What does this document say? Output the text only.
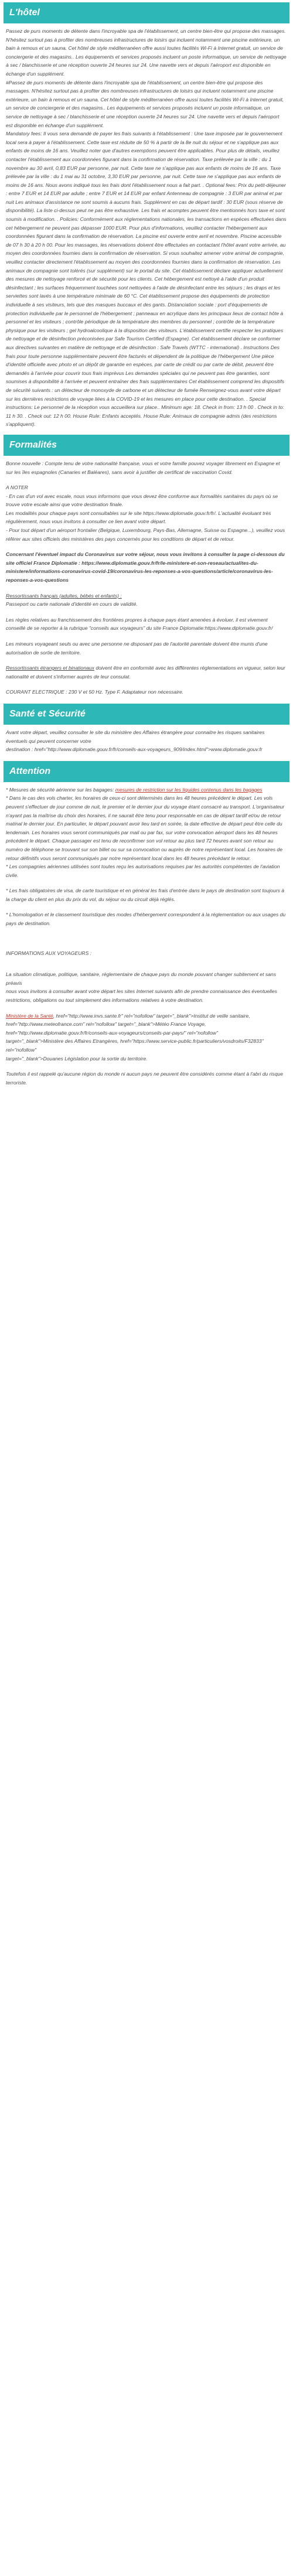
L'hôtel

Passez de purs moments de détente dans l'incroyable spa de l'établissement, un centre bien-être qui propose des massages. N'hésitez surtout pas à profiter des nombreuses infrastructures de loisirs qui incluent notamment une piscine extérieure, un bain à remous et un sauna. Cet hôtel de style méditerranéen offre aussi toutes facilités Wi-Fi à Internet gratuit, un service de conciergerie et des magasins.. Les équipements et services proposés incluent un poste informatique, un service de nettoyage à sec / blanchisserie et une réception ouverte 24 heures sur 24. Une navette vers et depuis l'aéroport est disponible en échange d'un supplément.

#Passez de purs moments de détente dans l'incroyable spa de l'établissement, un centre bien-être qui propose des massages. N'hésitez surtout pas à profiter des nombreuses infrastructures de loisirs qui incluent notamment une piscine extérieure, un bain à remous et un sauna. Cet hôtel de style méditerranéen offre aussi toutes facilités Wi-Fi à Internet gratuit, un service de conciergerie et des magasins.. Les équipements et services proposés incluent un poste informatique, un service de nettoyage à sec / blanchisserie et une réception ouverte 24 heures sur 24. Une navette vers et depuis l'aéroport est disponible en échange d'un supplément.

Mandatory fees: Il vous sera demandé de payer les frais suivants à l'établissement : Une taxe imposée par le gouvernement local sera à payer à l'établissement. Cette taxe est réduite de 50 % à partir de la 8e nuit du séjour et ne s'applique pas aux enfants de moins de 16 ans. Veuillez noter que d'autres exemptions peuvent être applicables. Pour plus de détails, veuillez contacter l'établissement aux coordonnées figurant dans la confirmation de réservation. Taxe prélevée par la ville : du 1 novembre au 30 avril, 0,83 EUR par personne, par nuit. Cette taxe ne s'applique pas aux enfants de moins de 16 ans. Taxe prélevée par la ville : du 1 mai au 31 octobre, 3,30 EUR par personne, par nuit. Cette taxe ne s'applique pas aux enfants de moins de 16 ans. Nous avons indiqué tous les frais dont l'établissement nous a fait part. . Optional fees: Prix du petit-déjeuner : entre 7 EUR et 14 EUR par adulte ; entre 7 EUR et 14 EUR par enfant Antenneau de compagnie : 3 EUR par animal et par nuit Les animaux d'assistance ne sont soumis à aucuns frais. Supplément en cas de départ tardif : 30 EUR (sous réserve de disponibilité). La liste ci-dessus peut ne pas être exhaustive. Les frais et acomptes peuvent être mentionnés hors taxe et sont soumis à modification. . Policies: Conformément aux réglementations nationales, les transactions en espèces effectuées dans cet hébergement ne peuvent pas dépasser 1000 EUR. Pour plus d'informations, veuillez contacter l'hébergement aux coordonnées figurant dans la confirmation de réservation. La piscine est ouverte entre avril et novembre. Piscine accessible de 07 h 30 à 20 h 00. Pour les massages, les réservations doivent être effectuées en contactant l'hôtel avant votre arrivée, au moyen des coordonnées fournies dans la confirmation de réservation. Si vous souhaitez amener votre animal de compagnie, veuillez contacter directement l'établissement au moyen des coordonnées fournies dans la confirmation de réservation. Les animaux de compagnie sont tolérés (sur supplément) sur le portail du site. Cet établissement déclare appliquer actuellement des mesures de nettoyage renforcé et de sécurité pour les clients. Cet hébergement est nettoyé à l'aide d'un produit désinfectant ; les surfaces fréquemment touchées sont nettoyées à l'aide de désinfectant entre les séjours ; les draps et les serviettes sont lavés à une température minimale de 60 °C. Cet établissement propose des équipements de protection individuelle à ses visiteurs, tels que des masques buccaux et des gants. Distanciation sociale : port d'équipements de protection individuelle par le personnel de l'hébergement ; panneaux en acrylique dans les principaux lieux de contact hôte à personnel et les visiteurs ; contrôle périodique de la température des membres du personnel ; contrôle de la température physique pour les visiteurs ; gel hydroalcoolique à la disposition des visiteurs. L'établissement certifie respecter les pratiques de nettoyage et de désinfection préconisées par Safe Tourism Certified (Espagne). Cet établissement déclare se conformer aux directives suivantes en matière de nettoyage et de désinfection : Safe Travels (WTTC - international) . Instructions Des frais pour toute personne supplémentaire peuvent être facturés et dépendent de la politique de l'hébergement Une pièce d'identité officielle avec photo et un dépôt de garantie en espèces, par carte de crédit ou par carte de débit, peuvent être demandés à l'arrivée pour couvrir tous frais imprévus Les demandes spéciales qui ne peuvent pas être garanties, sont soumises à disponibilité à l'arrivée et peuvent entraîner des frais supplémentaires Cet établissement comprend les dispositifs de sécurité suivants : un détecteur de monoxyde de carbone et un détecteur de fumée Renseignez-vous avant votre départ sur les dernières restrictions de voyage liées à la COVID-19 et les mesures en place pour cette destination. . Special instructions: Le personnel de la réception vous accueillera sur place.. Minimum age: 18. Check in from: 13 h 00 . Check in to: 11 h 30. . Check out: 12 h 00. House Rule: Enfants acceptés. House Rule: Animaux de compagnie admis (des restrictions s'appliquent).

Formalités

Bonne nouvelle : Compte tenu de votre nationalité française, vous et votre famille pouvez voyager librement en Espagne et sur les îles espagnoles (Canaries et Baléares), sans avoir à justifier de certificat de vaccination Covid.

A NOTER
- En cas d'un vol avec escale, nous vous informons que vous devez être conforme aux formalités sanitaires du pays où se trouve votre escale ainsi que votre destination finale.
Les modalités pour chaque pays sont consultables sur le site https://www.diplomatie.gouv.fr/fr/. L'actualité évoluant très régulièrement, nous vous invitons à consulter ce lien avant votre départ.
- Pour tout départ d'un aéroport frontalier (Belgique, Luxembourg, Pays-Bas, Allemagne, Suisse ou Espagne...), veuillez vous référer aux sites officiels des ministères des pays concernés pour les conditions de départ et de retour.

Concernant l'éventuel impact du Coronavirus sur votre séjour, nous vous invitons à consulter la page ci-dessous du site officiel France Diplomatie : https://www.diplomatie.gouv.fr/fr/le-ministere-et-son-reseau/actualites-du-ministere/informations-coronavirus-covid-19/coronavirus-les-reponses-a-vos-questions/article/coronavirus-les-reponses-a-vos-questions

Ressortissants français (adultes, bébés et enfants) :
Passeport ou carte nationale d'identité en cours de validité.

Les règles relatives au franchissement des frontières propres à chaque pays étant amenées à évoluer, il est vivement conseillé de se reporter à la rubrique "conseils aux voyageurs" du site France Diplomatie:https://www.diplomatie.gouv.fr/

Les mineurs voyageant seuls ou avec une personne ne disposant pas de l'autorité parentale doivent être munis d'une autorisation de sortie de territoire.

Ressortissants étrangers et binationaux doivent être en conformité avec les différentes réglementations en vigueur, selon leur nationalité et doivent s'informer auprès de leur consulat.

COURANT ELECTRIQUE : 230 V et 50 Hz. Type F. Adaptateur non nécessaire.

Santé et Sécurité

Avant votre départ, veuillez consulter le site du ministère des Affaires étrangère pour connaitre les risques sanitaires éventuels qui peuvent concerner votre
destination : href="http://www.diplomatie.gouv.fr/fr/conseils-aux-voyageurs_909/index.html">www.diplomatie.gouv.fr

Attention

* Mesures de sécurité aérienne sur les bagages: mesures de restriction sur les liquides contenus dans les bagages
* Dans le cas des vols charter, les horaires de ceux-ci sont déterminés dans les 48 heures précédent le départ. Les vols peuvent s'effectuer de jour comme de nuit, le premier et le dernier jour du voyage étant consacré au transport. L'organisateur n'ayant pas la maîtrise du choix des horaires, il ne saurait être tenu pour responsable en cas de départ tardif et/ou de retour matinal le dernier jour. En particulier, le départ pouvant avoir lieu tard en soirée, la date effective de départ peut être celle du lendemain. Les horaires vous seront communiqués par mail ou par fax, sur votre convocation aéroport dans les 48 heures précédent le départ. Chaque passager est tenu de reconfirmer son vol retour au plus tard 72 heures avant son retour au numéro de téléphone se trouvant sur son billet ou sur sa convocation ou auprès de notre représentant local. Les horaires de retour définitifs vous seront communiqués par notre représentant local dans les 48 heures précédant le retour.
* Les compagnies aériennes utilisées sont toutes reçu les autorisations requises par les autorités compétentes de l'aviation civile.

* Les frais obligatoires de visa, de carte touristique et en général les frais d'entrée dans le pays de destination sont toujours à la charge du client en plus du prix du vol, du séjour ou du circuit déjà réglés.

* L'homologation et le classement touristique des modes d'hébergement correspondent à la réglementation ou aux usages du pays de destination.

INFORMATIONS AUX VOYAGEURS :

La situation climatique, politique, sanitaire, réglementaire de chaque pays du monde pouvant changer subitement et sans préavis
nous vous invitons à consulter avant votre départ les sites Internet suivants afin de prendre connaissance des éventuelles restrictions, obligations ou tout simplement des informations relatives à votre destination.

Ministère de la Santé, href="http://www.invs.sante.fr" rel="nofollow" target="_blank">Institut de veille sanitaire,
href="http://www.meteofrance.com" rel="nofollow" target="_blank">Météo France Voyage, href="http://www.diplomatie.gouv.fr/fr/conseils-aux-voyageurs/conseils-par-pays/" rel="nofollow"
target="_blank">Ministère des Affaires Etrangères, href="https://www.service-public.fr/particuliers/vosdroits/F32833" rel="nofollow"
target="_blank">Douanes Législation pour la sortie du territoire.

Toutefois il est rappelé qu'aucune région du monde ni aucun pays ne peuvent être considérés comme étant à l'abri du risque terroriste.
